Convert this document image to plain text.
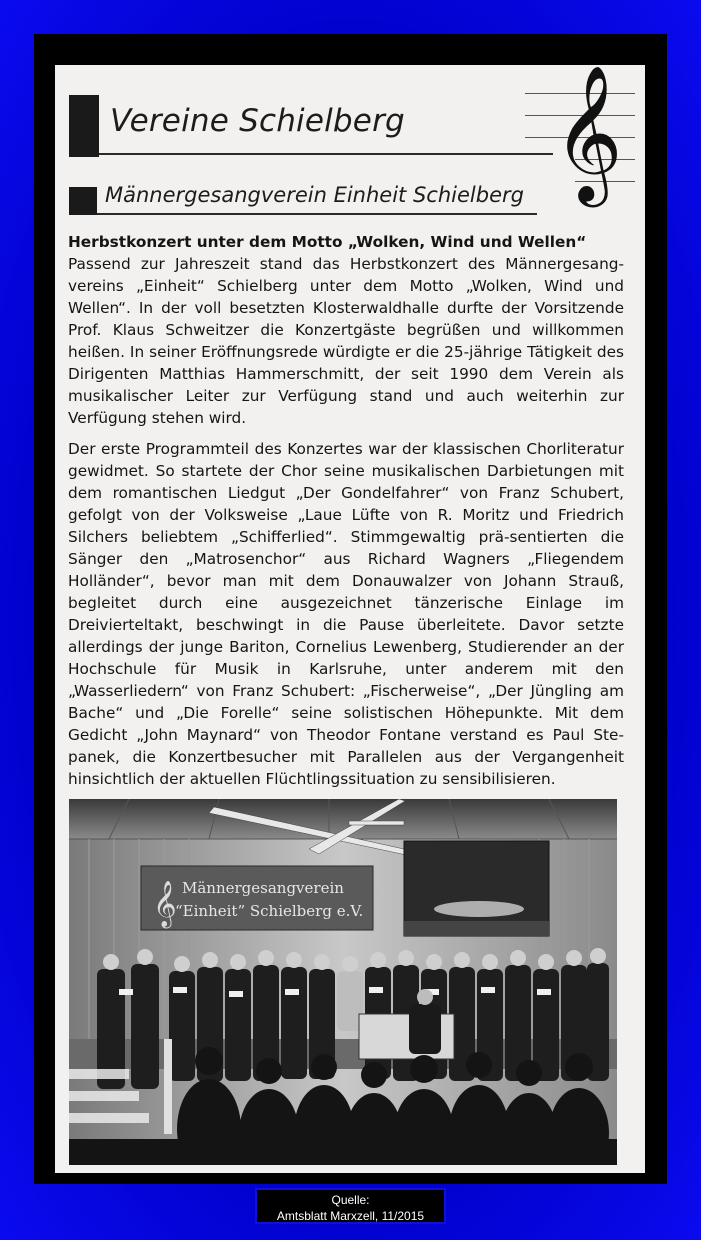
Vereine Schielberg 𝄞
Männergesangverein Einheit Schielberg
Herbstkonzert unter dem Motto „Wolken, Wind und Wellen“

Passend zur Jahreszeit stand das Herbstkonzert des Männergesang-vereins „Einheit“ Schielberg unter dem Motto „Wolken, Wind und Wellen“. In der voll besetzten Klosterwaldhalle durfte der Vorsitzende Prof. Klaus Schweitzer die Konzertgäste begrüßen und willkommen heißen. In seiner Eröffnungsrede würdigte er die 25-jährige Tätigkeit des Dirigenten Matthias Hammerschmitt, der seit 1990 dem Verein als musikalischer Leiter zur Verfügung stand und auch weiterhin zur Verfügung stehen wird.

Der erste Programmteil des Konzertes war der klassischen Chorliteratur gewidmet. So startete der Chor seine musikalischen Darbietungen mit dem romantischen Liedgut „Der Gondelfahrer“ von Franz Schubert, gefolgt von der Volksweise „Laue Lüfte von R. Moritz und Friedrich Silchers beliebtem „Schifferlied“. Stimmgewaltig prä-sentierten die Sänger den „Matrosenchor“ aus Richard Wagners „Fliegendem Holländer“, bevor man mit dem Donauwalzer von Johann Strauß, begleitet durch eine ausgezeichnet tänzerische Einlage im Dreivierteltakt, beschwingt in die Pause überleitete. Davor setzte allerdings der junge Bariton, Cornelius Lewenberg, Studierender an der Hochschule für Musik in Karlsruhe, unter anderem mit den „Wasserliedern“ von Franz Schubert: „Fischerweise“, „Der Jüngling am Bache“ und „Die Forelle“ seine solistischen Höhepunkte. Mit dem Gedicht „John Maynard“ von Theodor Fontane verstand es Paul Ste-panek, die Konzertbesucher mit Parallelen aus der Vergangenheit hinsichtlich der aktuellen Flüchtlingssituation zu sensibilisieren.

𝄞 Männergesangverein
“Einheit” Schielberg e.V.
Quelle:
Amtsblatt Marxzell, 11/2015
